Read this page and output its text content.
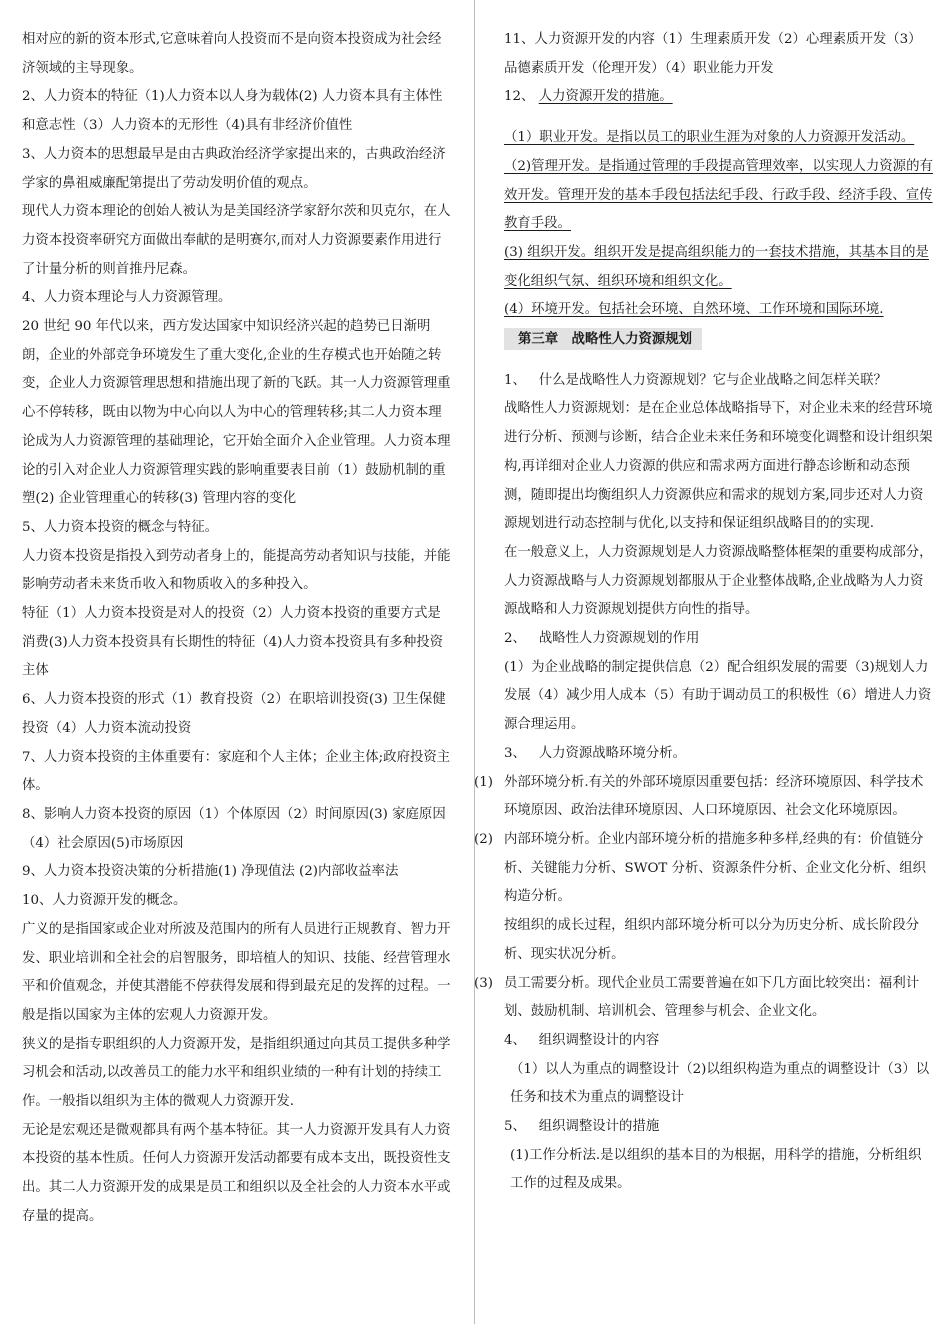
相对应的新的资本形式,它意味着向人投资而不是向资本投资成为社会经济领域的主导现象。
2、人力资本的特征（1)人力资本以人身为载体(2) 人力资本具有主体性和意志性（3）人力资本的无形性（4)具有非经济价值性
3、人力资本的思想最早是由古典政治经济学家提出来的，古典政治经济学家的鼻祖威廉配第提出了劳动发明价值的观点。
现代人力资本理论的创始人被认为是美国经济学家舒尔茨和贝克尔，在人力资本投资率研究方面做出奉献的是明赛尔,而对人力资源要素作用进行了计量分析的则首推丹尼森。
4、人力资本理论与人力资源管理。
20 世纪 90 年代以来，西方发达国家中知识经济兴起的趋势已日渐明朗，企业的外部竞争环境发生了重大变化,企业的生存模式也开始随之转变，企业人力资源管理思想和措施出现了新的飞跃。其一人力资源管理重心不停转移，既由以物为中心向以人为中心的管理转移;其二人力资本理论成为人力资源管理的基础理论，它开始全面介入企业管理。人力资本理论的引入对企业人力资源管理实践的影响重要表目前（1）鼓励机制的重塑(2) 企业管理重心的转移(3) 管理内容的变化
5、人力资本投资的概念与特征。
人力资本投资是指投入到劳动者身上的，能提高劳动者知识与技能，并能影响劳动者未来货币收入和物质收入的多种投入。
特征（1）人力资本投资是对人的投资（2）人力资本投资的重要方式是消费(3)人力资本投资具有长期性的特征（4)人力资本投资具有多种投资主体
6、人力资本投资的形式（1）教育投资（2）在职培训投资(3) 卫生保健投资（4）人力资本流动投资
7、人力资本投资的主体重要有：家庭和个人主体；企业主体;政府投资主体。
8、影响人力资本投资的原因（1）个体原因（2）时间原因(3) 家庭原因（4）社会原因(5)市场原因
9、人力资本投资决策的分析措施(1) 净现值法 (2)内部收益率法
10、人力资源开发的概念。
广义的是指国家或企业对所波及范围内的所有人员进行正规教育、智力开发、职业培训和全社会的启智服务，即培植人的知识、技能、经营管理水平和价值观念，并使其潜能不停获得发展和得到最充足的发挥的过程。一般是指以国家为主体的宏观人力资源开发。
狭义的是指专职组织的人力资源开发，是指组织通过向其员工提供多种学习机会和活动,以改善员工的能力水平和组织业绩的一种有计划的持续工作。一般指以组织为主体的微观人力资源开发.
无论是宏观还是微观都具有两个基本特征。其一人力资源开发具有人力资本投资的基本性质。任何人力资源开发活动都要有成本支出，既投资性支出。其二人力资源开发的成果是员工和组织以及全社会的人力资本水平或存量的提高。
11、人力资源开发的内容（1）生理素质开发（2）心理素质开发（3）品德素质开发（伦理开发）（4）职业能力开发
12、 人力资源开发的措施。
（1）职业开发。是指以员工的职业生涯为对象的人力资源开发活动。
（2)管理开发。是指通过管理的手段提高管理效率，以实现人力资源的有效开发。管理开发的基本手段包括法纪手段、行政手段、经济手段、宣传教育手段。
(3) 组织开发。组织开发是提高组织能力的一套技术措施，其基本目的是变化组织气氛、组织环境和组织文化。
(4）环境开发。包括社会环境、自然环境、工作环境和国际环境.
第三章　战略性人力资源规划
1、 什么是战略性人力资源规划？它与企业战略之间怎样关联？
战略性人力资源规划：是在企业总体战略指导下，对企业未来的经营环境进行分析、预测与诊断，结合企业未来任务和环境变化调整和设计组织架构,再详细对企业人力资源的供应和需求两方面进行静态诊断和动态预测，随即提出均衡组织人力资源供应和需求的规划方案,同步还对人力资源规划进行动态控制与优化,以支持和保证组织战略目的的实现.
在一般意义上，人力资源规划是人力资源战略整体框架的重要构成部分，人力资源战略与人力资源规划都服从于企业整体战略,企业战略为人力资源战略和人力资源规划提供方向性的指导。
2、 战略性人力资源规划的作用
(1）为企业战略的制定提供信息（2）配合组织发展的需要（3)规划人力发展（4）减少用人成本（5）有助于调动员工的积极性（6）增进人力资源合理运用。
3、 人力资源战略环境分析。
(1) 外部环境分析.有关的外部环境原因重要包括：经济环境原因、科学技术环境原因、政治法律环境原因、人口环境原因、社会文化环境原因。
(2) 内部环境分析。企业内部环境分析的措施多种多样,经典的有：价值链分析、关键能力分析、SWOT 分析、资源条件分析、企业文化分析、组织构造分析。
按组织的成长过程，组织内部环境分析可以分为历史分析、成长阶段分析、现实状况分析。
(3) 员工需要分析。现代企业员工需要普遍在如下几方面比较突出：福利计划、鼓励机制、培训机会、管理参与机会、企业文化。
4、 组织调整设计的内容
（1）以人为重点的调整设计（2)以组织构造为重点的调整设计（3）以任务和技术为重点的调整设计
5、 组织调整设计的措施
(1)工作分析法.是以组织的基本目的为根据，用科学的措施，分析组织工作的过程及成果。
